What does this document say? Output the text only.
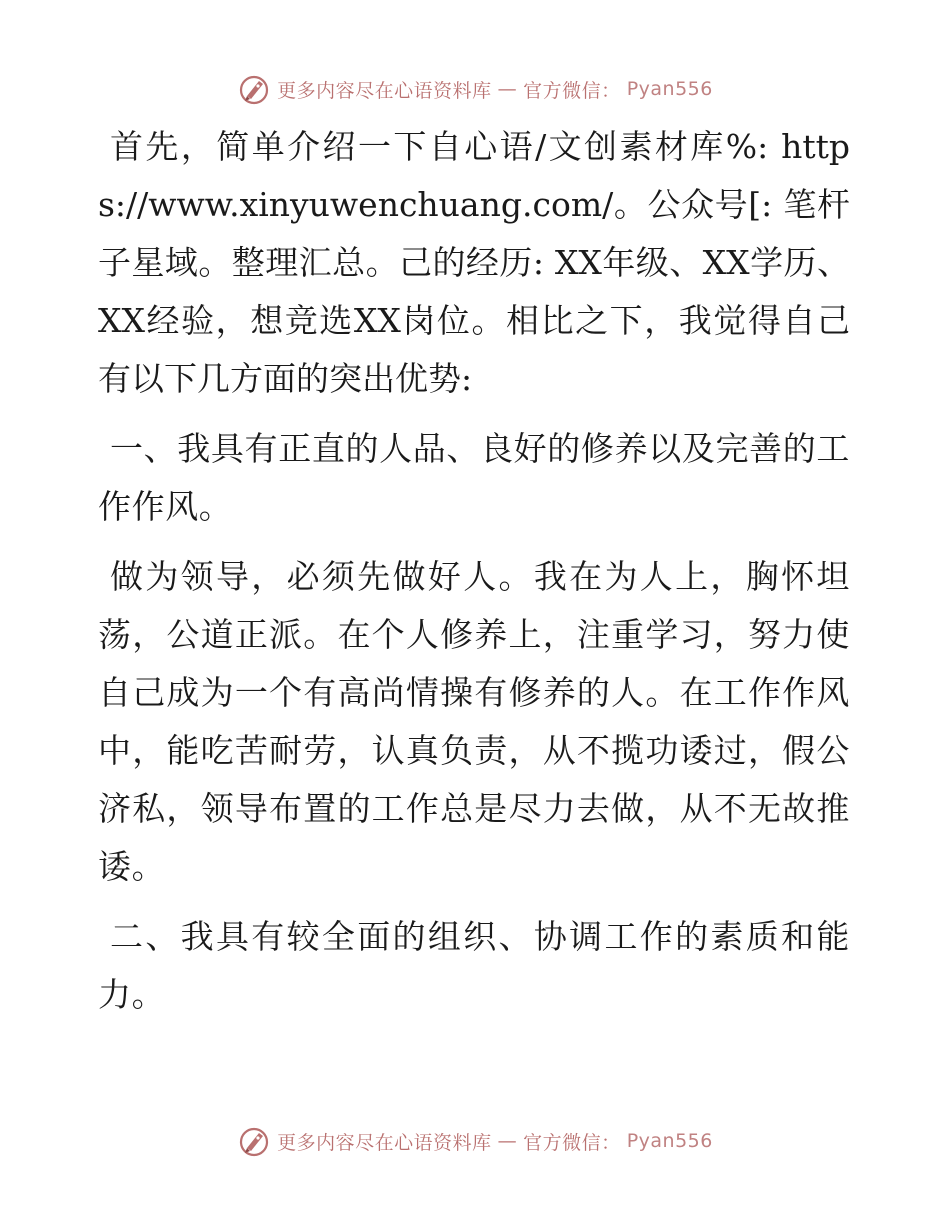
更多内容尽在心语资料库 — 官方微信： Pyan556

首先，简单介绍一下自心语/文创素材库%: https://www.xinyuwenchuang.com/。公众号[: 笔杆子星域。整理汇总。己的经历: XX年级、XX学历、XX经验，想竞选XX岗位。相比之下，我觉得自己有以下几方面的突出优势:

一、我具有正直的人品、良好的修养以及完善的工作作风。

做为领导，必须先做好人。我在为人上，胸怀坦荡，公道正派。在个人修养上，注重学习，努力使自己成为一个有高尚情操有修养的人。在工作作风中，能吃苦耐劳，认真负责，从不揽功诿过，假公济私，领导布置的工作总是尽力去做，从不无故推诿。

二、我具有较全面的组织、协调工作的素质和能力。

更多内容尽在心语资料库 — 官方微信： Pyan556
